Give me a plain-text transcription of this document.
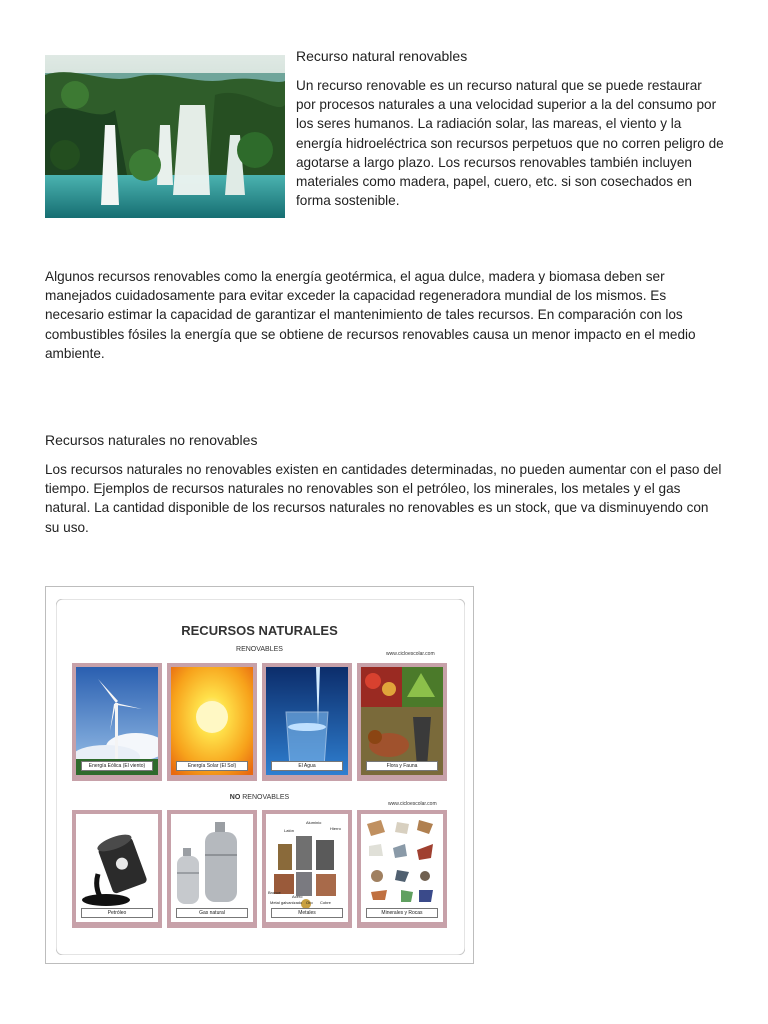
Recurso natural renovables
Un recurso renovable es un recurso natural que se puede restaurar por procesos naturales a una velocidad superior a la del consumo por los seres humanos. La radiación solar, las mareas, el viento y la energía hidroeléctrica son recursos perpetuos que no corren peligro de agotarse a largo plazo. Los recursos renovables también incluyen materiales como madera, papel, cuero, etc. si son cosechados en forma sostenible.
Algunos recursos renovables como la energía geotérmica, el agua dulce, madera y biomasa deben ser manejados cuidadosamente para evitar exceder la capacidad regeneradora mundial de los mismos. Es necesario estimar la capacidad de garantizar el mantenimiento de tales recursos. En comparación con los combustibles fósiles la energía que se obtiene de recursos renovables causa un menor impacto en el medio ambiente.
Recursos naturales no renovables
Los recursos naturales no renovables existen en cantidades determinadas, no pueden aumentar con el paso del tiempo. Ejemplos de recursos naturales no renovables son el petróleo, los minerales, los metales y el gas natural. La cantidad disponible de los recursos naturales no renovables es un stock, que va disminuyendo con su uso.
RECURSOS NATURALES
RENOVABLES
www.cicloescolar.com
Energía Eólica (El viento)	Energía Solar (El Sol)	El Agua	Flora y Fauna
NO RENOVABLES
www.cicloescolar.com
Petróleo	Gas natural
Latón
Aluminio
Hierro
Bronce
Acero
Metal galvanizado Oro Cobre
Metales	Minerales y Rocas
